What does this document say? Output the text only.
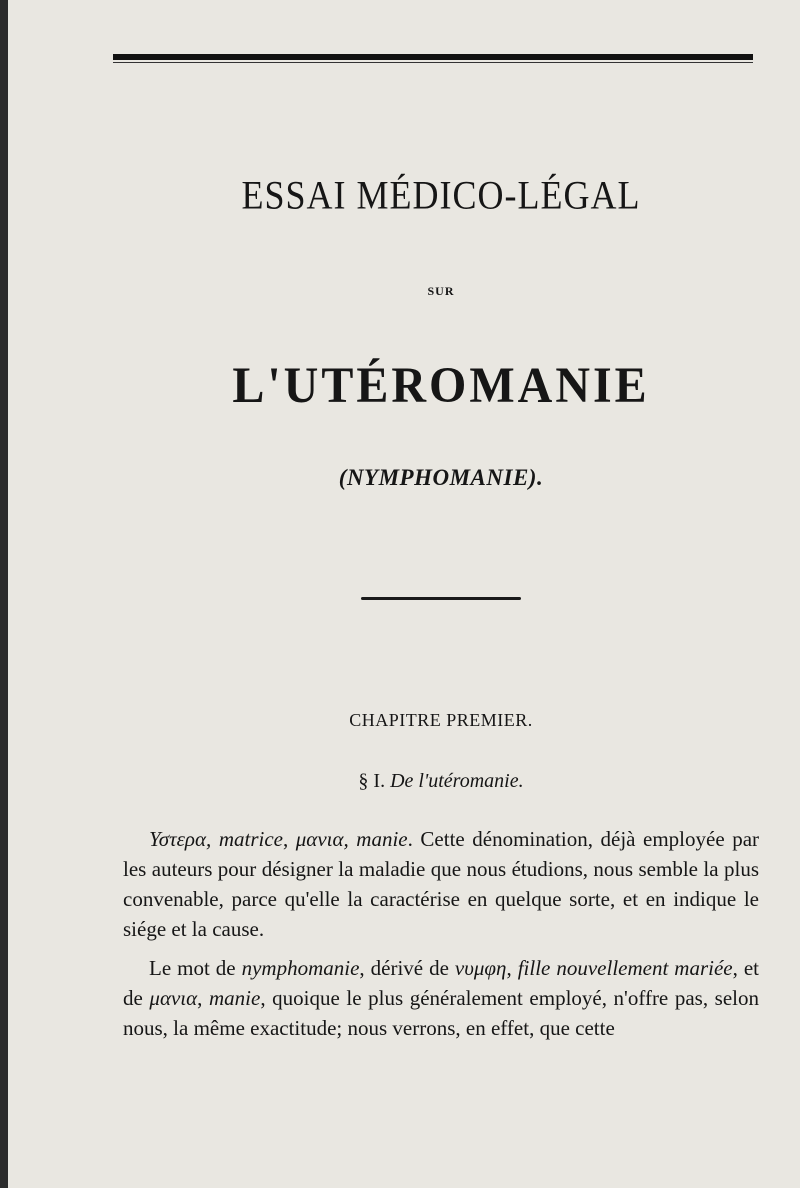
ESSAI MÉDICO-LÉGAL
SUR
L'UTÉROMANIE
(NYMPHOMANIE).
CHAPITRE PREMIER.
§ I. De l'utéromanie.

Υστερα, matrice, μανια, manie. Cette dénomination, déjà employée par les auteurs pour désigner la maladie que nous étudions, nous semble la plus convenable, parce qu'elle la caractérise en quelque sorte, et en indique le siége et la cause.

Le mot de nymphomanie, dérivé de νυμφη, fille nouvellement mariée, et de μανια, manie, quoique le plus généralement employé, n'offre pas, selon nous, la même exactitude; nous verrons, en effet, que cette
